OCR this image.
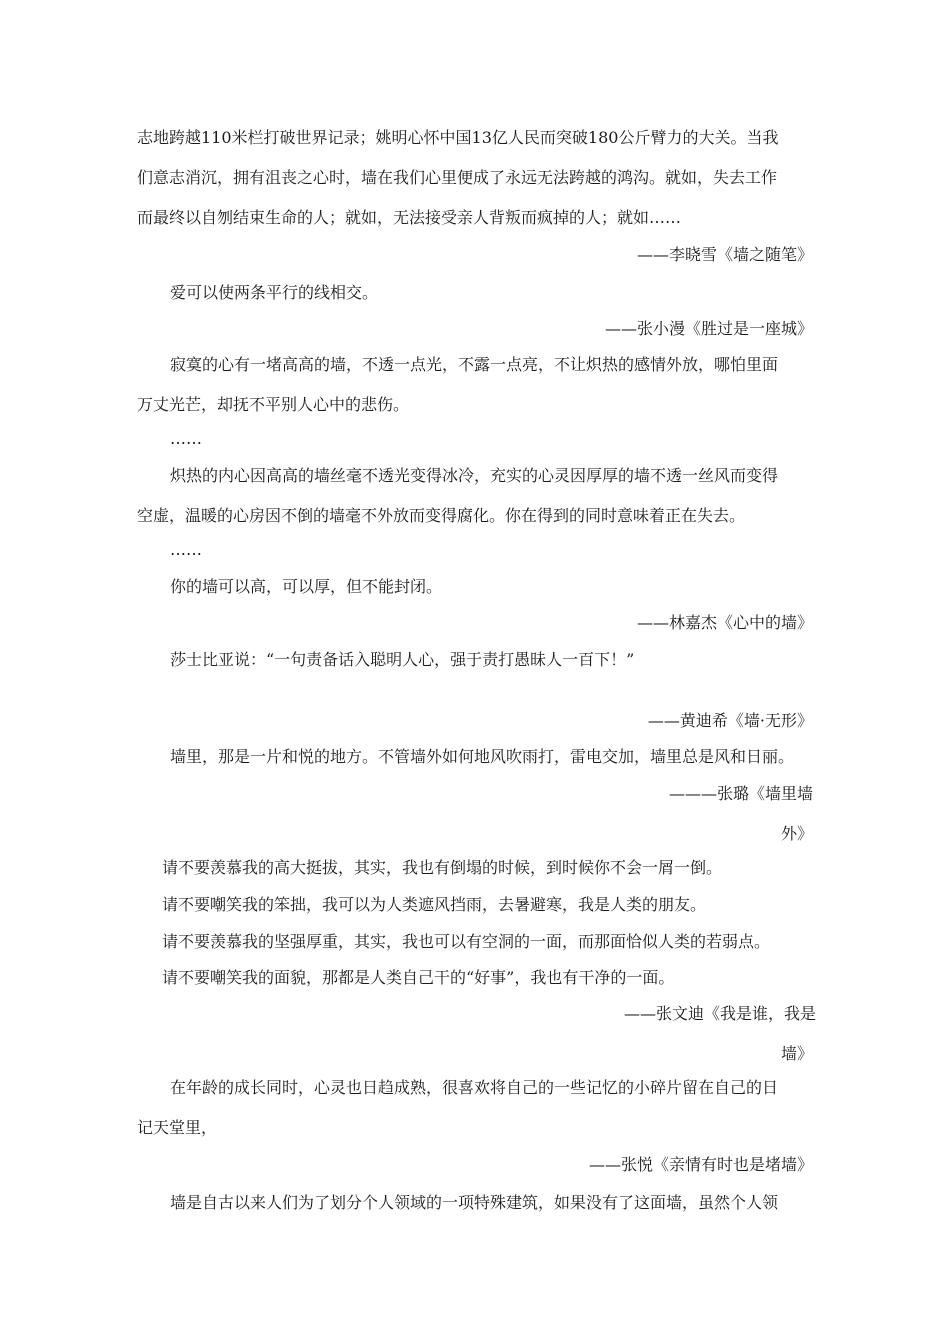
志地跨越110米栏打破世界记录；姚明心怀中国13亿人民而突破180公斤臂力的大关。当我

们意志消沉，拥有沮丧之心时，墙在我们心里便成了永远无法跨越的鸿沟。就如，失去工作

而最终以自刎结束生命的人；就如，无法接受亲人背叛而疯掉的人；就如……

——李晓雪《墙之随笔》

爱可以使两条平行的线相交。

——张小漫《胜过是一座城》

寂寞的心有一堵高高的墙，不透一点光，不露一点亮，不让炽热的感情外放，哪怕里面

万丈光芒，却抚不平别人心中的悲伤。

……

炽热的内心因高高的墙丝毫不透光变得冰冷，充实的心灵因厚厚的墙不透一丝风而变得

空虚，温暖的心房因不倒的墙毫不外放而变得腐化。你在得到的同时意味着正在失去。

……

你的墙可以高，可以厚，但不能封闭。

——林嘉杰《心中的墙》

莎士比亚说：“一句责备话入聪明人心，强于责打愚昧人一百下！”

——黄迪希《墙·无形》

墙里，那是一片和悦的地方。不管墙外如何地风吹雨打，雷电交加，墙里总是风和日丽。

———张璐《墙里墙

外》

请不要羡慕我的高大挺拔，其实，我也有倒塌的时候，到时候你不会一屑一倒。

请不要嘲笑我的笨拙，我可以为人类遮风挡雨，去暑避寒，我是人类的朋友。

请不要羡慕我的坚强厚重，其实，我也可以有空洞的一面，而那面恰似人类的若弱点。

请不要嘲笑我的面貌，那都是人类自己干的“好事”，我也有干净的一面。

——张文迪《我是谁，我是

墙》

在年龄的成长同时，心灵也日趋成熟，很喜欢将自己的一些记忆的小碎片留在自己的日

记天堂里，

——张悦《亲情有时也是堵墙》

墙是自古以来人们为了划分个人领域的一项特殊建筑，如果没有了这面墙，虽然个人领
